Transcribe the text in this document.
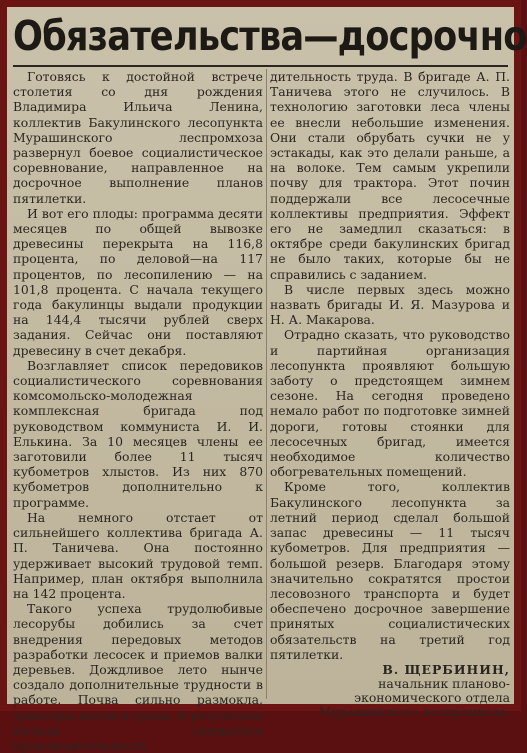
Обязательства—досрочно

Готовясь к достойной встрече столетия со дня рождения Владимира Ильича Ленина, коллектив Бакулинского лесопункта Мурашинского леспромхоза развернул боевое социалистическое соревнование, направленное на досрочное выполнение планов пятилетки.

И вот его плоды: программа десяти месяцев по общей вывозке древесины перекрыта на 116,8 процента, по деловой—на 117 процентов, по лесопилению — на 101,8 процента. С начала текущего года бакулинцы выдали продукции на 144,4 тысячи рублей сверх задания. Сейчас они поставляют древесину в счет декабря.

Возглавляет список передовиков социалистического соревнования комсомольско-молодежная комплексная бригада под руководством коммуниста И. И. Елькина. За 10 месяцев члены ее заготовили более 11 тысяч кубометров хлыстов. Из них 870 кубометров дополнительно к программе.

На немного отстает от сильнейшего коллектива бригада А. П. Таничева. Она постоянно удерживает высокий трудовой темп. Например, план октября выполнила на 142 процента.

Такого успеха трудолюбивые лесорубы добились за счет внедрения передовых методов разработки лесосек и приемов валки деревьев. Дождливое лето нынче создало дополнительные трудности в работе. Почва сильно размокла, тракторы вязли в грязи. В результате начала снижаться производительность

дительность труда. В бригаде А. П. Таничева этого не случилось. В технологию заготовки леса члены ее внесли небольшие изменения. Они стали обрубать сучки не у эстакады, как это делали раньше, а на волоке. Тем самым укрепили почву для трактора. Этот почин поддержали все лесосечные коллективы предприятия. Эффект его не замедлил сказаться: в октябре среди бакулинских бригад не было таких, которые бы не справились с заданием.

В числе первых здесь можно назвать бригады И. Я. Мазурова и Н. А. Макарова.

Отрадно сказать, что руководство и партийная организация лесопункта проявляют большую заботу о предстоящем зимнем сезоне. На сегодня проведено немало работ по подготовке зимней дороги, готовы стоянки для лесосечных бригад, имеется необходимое количество обогревательных помещений.

Кроме того, коллектив Бакулинского лесопункта за летний период сделал большой запас древесины — 11 тысяч кубометров. Для предприятия — большой резерв. Благодаря этому значительно сократятся простои лесовозного транспорта и будет обеспечено досрочное завершение принятых социалистических обязательств на третий год пятилетки.

В. ЩЕРБИНИН,

начальник планово-

экономического отдела

Мурашинского леспромхоза.
